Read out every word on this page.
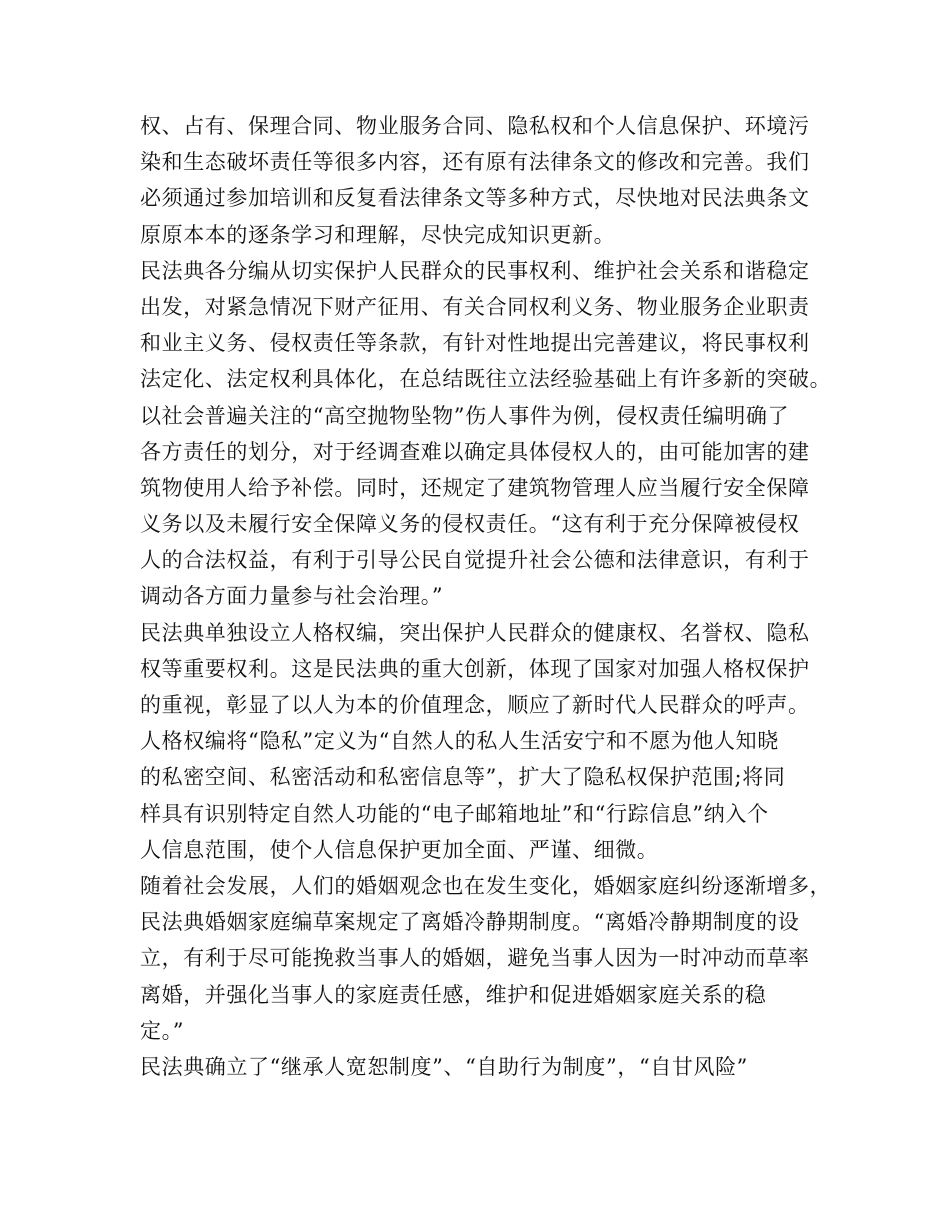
权、占有、保理合同、物业服务合同、隐私权和个人信息保护、环境污
染和生态破坏责任等很多内容，还有原有法律条文的修改和完善。我们
必须通过参加培训和反复看法律条文等多种方式，尽快地对民法典条文
原原本本的逐条学习和理解，尽快完成知识更新。
民法典各分编从切实保护人民群众的民事权利、维护社会关系和谐稳定
出发，对紧急情况下财产征用、有关合同权利义务、物业服务企业职责
和业主义务、侵权责任等条款，有针对性地提出完善建议，将民事权利
法定化、法定权利具体化，在总结既往立法经验基础上有许多新的突破。
以社会普遍关注的“高空抛物坠物”伤人事件为例，侵权责任编明确了
各方责任的划分，对于经调查难以确定具体侵权人的，由可能加害的建
筑物使用人给予补偿。同时，还规定了建筑物管理人应当履行安全保障
义务以及未履行安全保障义务的侵权责任。“这有利于充分保障被侵权
人的合法权益，有利于引导公民自觉提升社会公德和法律意识，有利于
调动各方面力量参与社会治理。”
民法典单独设立人格权编，突出保护人民群众的健康权、名誉权、隐私
权等重要权利。这是民法典的重大创新，体现了国家对加强人格权保护
的重视，彰显了以人为本的价值理念，顺应了新时代人民群众的呼声。
人格权编将“隐私”定义为“自然人的私人生活安宁和不愿为他人知晓
的私密空间、私密活动和私密信息等”，扩大了隐私权保护范围;将同
样具有识别特定自然人功能的“电子邮箱地址”和“行踪信息”纳入个
人信息范围，使个人信息保护更加全面、严谨、细微。
随着社会发展，人们的婚姻观念也在发生变化，婚姻家庭纠纷逐渐增多，
民法典婚姻家庭编草案规定了离婚冷静期制度。“离婚冷静期制度的设
立，有利于尽可能挽救当事人的婚姻，避免当事人因为一时冲动而草率
离婚，并强化当事人的家庭责任感，维护和促进婚姻家庭关系的稳
定。”
民法典确立了“继承人宽恕制度”、“自助行为制度”，“自甘风险”
